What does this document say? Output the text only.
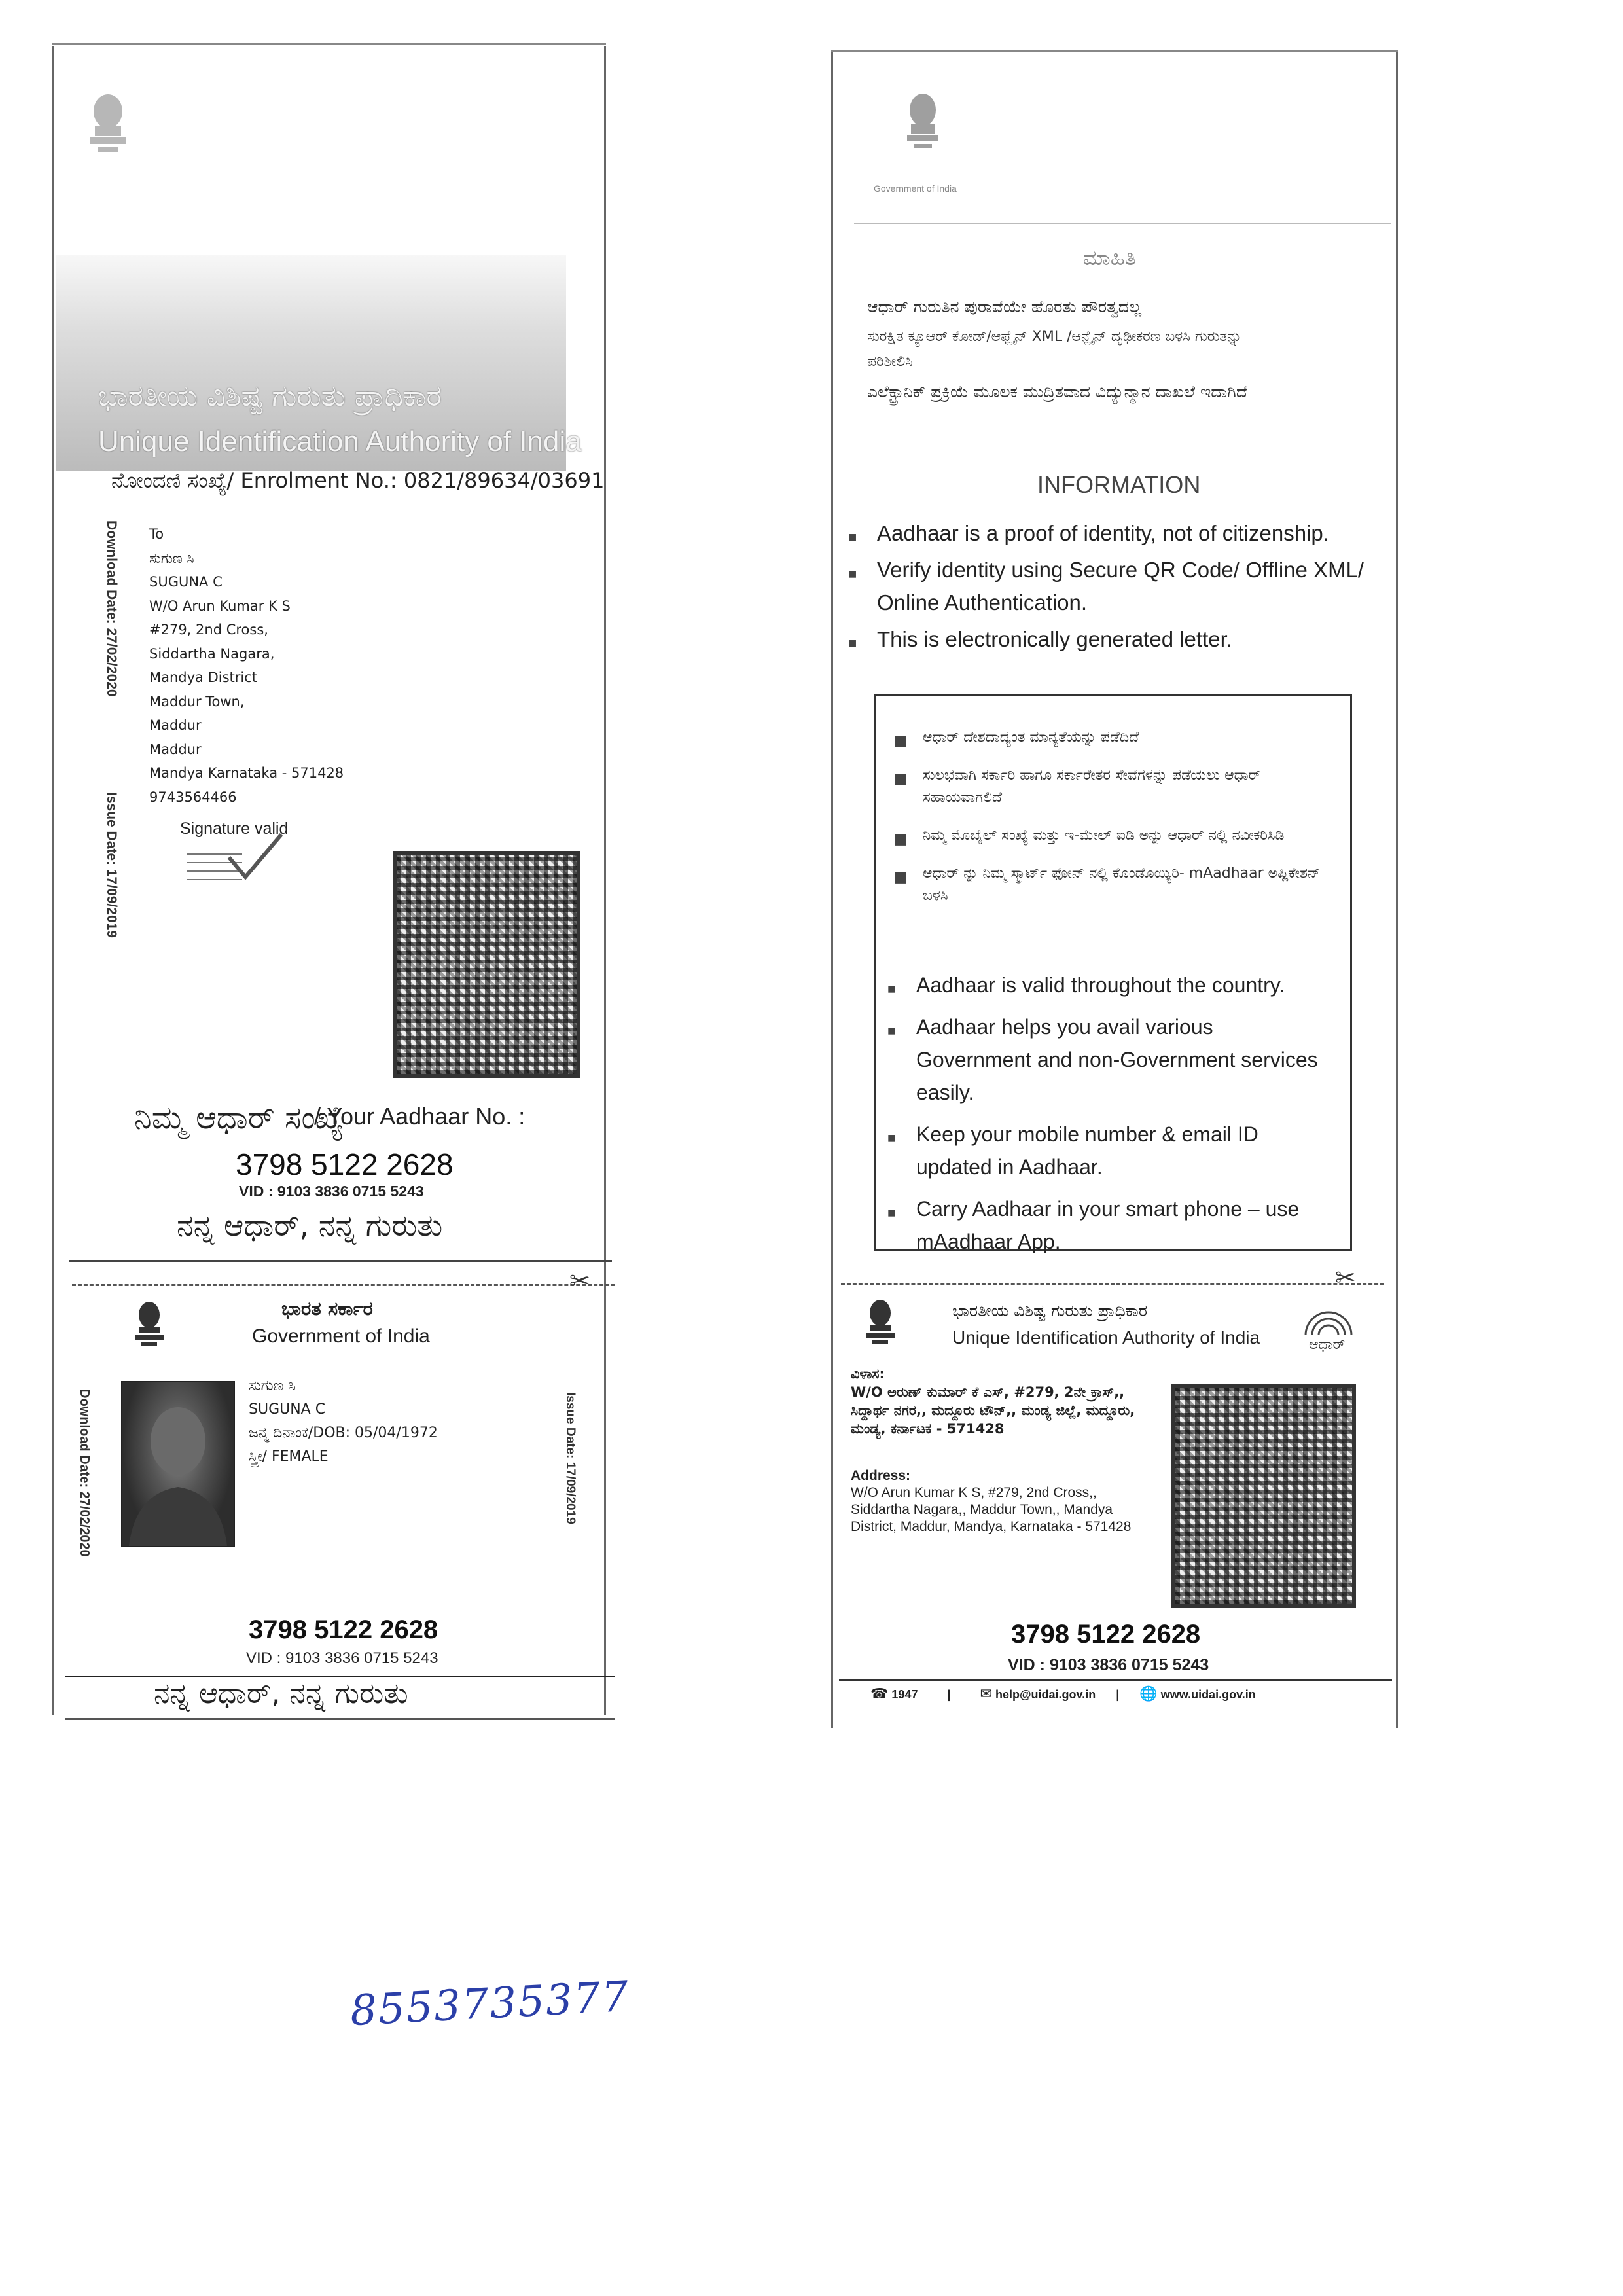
ಭಾರತೀಯ ವಿಶಿಷ್ಟ ಗುರುತು ಪ್ರಾಧಿಕಾರ
Unique Identification Authority of India
ನೋಂದಣಿ ಸಂಖ್ಯೆ/ Enrolment No.: 0821/89634/03691
Download Date: 27/02/2020
Issue Date: 17/09/2019
To
ಸುಗುಣ ಸಿ
SUGUNA C
W/O Arun Kumar K S
#279, 2nd Cross,
Siddartha Nagara,
Mandya District
Maddur Town,
Maddur
Maddur
Mandya Karnataka - 571428
9743564466
Signature valid
ನಿಮ್ಮ ಆಧಾರ್ ಸಂಖ್ಯೆ
/ Your Aadhaar No. :
3798 5122 2628
VID : 9103 3836 0715 5243
ನನ್ನ ಆಧಾರ್, ನನ್ನ ಗುರುತು
✂
ಭಾರತ ಸರ್ಕಾರ
Government of India
Download Date: 27/02/2020	Issue Date: 17/09/2019
ಸುಗುಣ ಸಿ
SUGUNA C
ಜನ್ಮ ದಿನಾಂಕ/DOB: 05/04/1972
ಸ್ತ್ರೀ/ FEMALE
3798 5122 2628
VID : 9103 3836 0715 5243
ನನ್ನ ಆಧಾರ್, ನನ್ನ ಗುರುತು
Government of India
ಮಾಹಿತಿ
ಆಧಾರ್ ಗುರುತಿನ ಪುರಾವೆಯೇ ಹೊರತು ಪೌರತ್ವದಲ್ಲ
ಸುರಕ್ಷಿತ ಕ್ಯೂಆರ್ ಕೋಡ್/ಆಫ್ಲೈನ್ XML /ಆನ್ಲೈನ್ ದೃಢೀಕರಣ ಬಳಸಿ ಗುರುತನ್ನು ಪರಿಶೀಲಿಸಿ
ಎಲೆಕ್ಟ್ರಾನಿಕ್ ಪ್ರಕ್ರಿಯೆ ಮೂಲಕ ಮುದ್ರಿತವಾದ ವಿದ್ಯುನ್ಮಾನ ದಾಖಲೆ ಇದಾಗಿದೆ
INFORMATION
■ Aadhaar is a proof of identity, not of citizenship.
■ Verify identity using Secure QR Code/ Offline XML/ Online Authentication.
■ This is electronically generated letter.
■ ಆಧಾರ್ ದೇಶದಾದ್ಯಂತ ಮಾನ್ಯತೆಯನ್ನು ಪಡೆದಿದೆ
■ ಸುಲಭವಾಗಿ ಸರ್ಕಾರಿ ಹಾಗೂ ಸರ್ಕಾರೇತರ ಸೇವೆಗಳನ್ನು ಪಡೆಯಲು ಆಧಾರ್ ಸಹಾಯವಾಗಲಿದೆ
■ ನಿಮ್ಮ ಮೊಬೈಲ್ ಸಂಖ್ಯೆ ಮತ್ತು ಇ-ಮೇಲ್ ಐಡಿ ಅನ್ನು ಆಧಾರ್ ನಲ್ಲಿ ನವೀಕರಿಸಿಡಿ
■ ಆಧಾರ್ ನ್ನು ನಿಮ್ಮ ಸ್ಮಾರ್ಟ್ ಫೋನ್ ನಲ್ಲಿ ಕೊಂಡೊಯ್ಯಿರಿ- mAadhaar ಅಪ್ಲಿಕೇಶನ್ ಬಳಸಿ
■ Aadhaar is valid throughout the country.
■ Aadhaar helps you avail various Government and non-Government services easily.
■ Keep your mobile number & email ID updated in Aadhaar.
■ Carry Aadhaar in your smart phone – use mAadhaar App.
✂
ಭಾರತೀಯ ವಿಶಿಷ್ಟ ಗುರುತು ಪ್ರಾಧಿಕಾರ
Unique Identification Authority of India	ಆಧಾರ್
ವಿಳಾಸ:
W/O ಅರುಣ್ ಕುಮಾರ್ ಕೆ ಎಸ್, #279, 2ನೇ ಕ್ರಾಸ್,, ಸಿದ್ದಾರ್ಥ ನಗರ,, ಮದ್ದೂರು ಟೌನ್,, ಮಂಡ್ಯ ಜಿಲ್ಲೆ, ಮದ್ದೂರು, ಮಂಡ್ಯ, ಕರ್ನಾಟಕ - 571428
Address:
W/O Arun Kumar K S, #279, 2nd Cross,, Siddartha Nagara,, Maddur Town,, Mandya District, Maddur, Mandya, Karnataka - 571428
3798 5122 2628
VID : 9103 3836 0715 5243
☎ 1947	| ✉ help@uidai.gov.in | 🌐 www.uidai.gov.in
8553735377
